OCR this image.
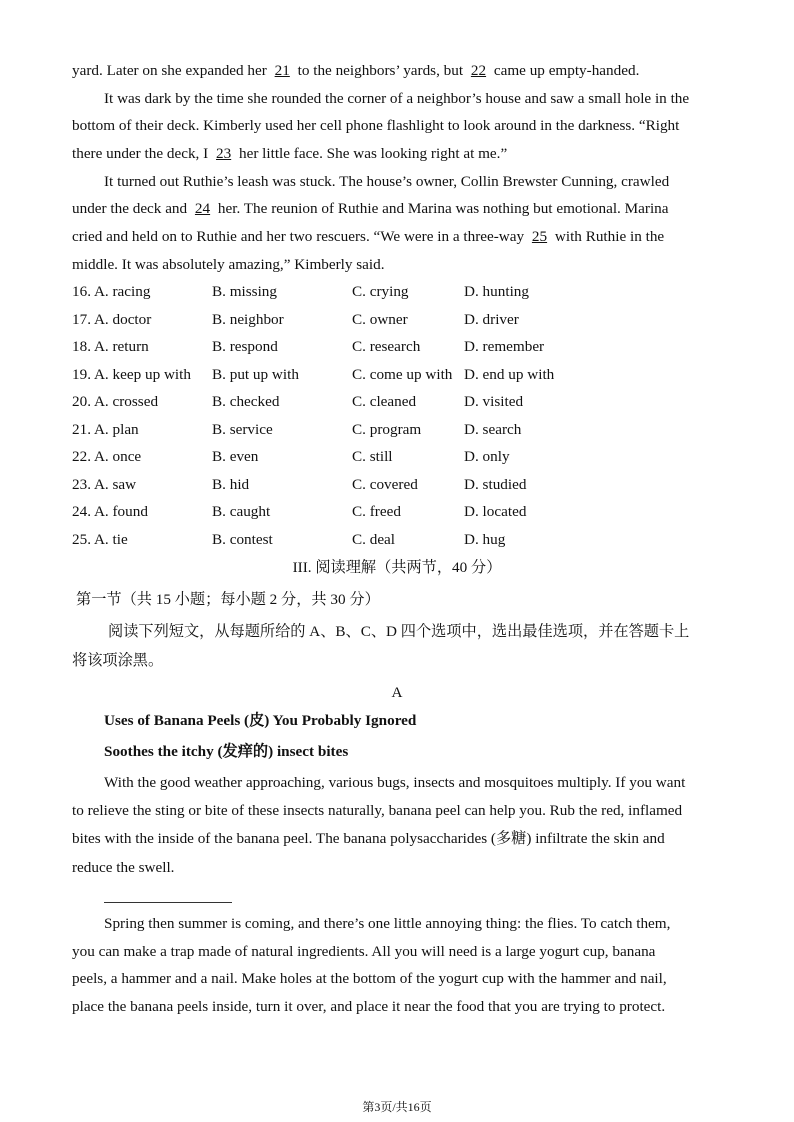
yard. Later on she expanded her 21 to the neighbors’ yards, but 22 came up empty-handed.
It was dark by the time she rounded the corner of a neighbor’s house and saw a small hole in the
bottom of their deck. Kimberly used her cell phone flashlight to look around in the darkness. “Right
there under the deck, I 23 her little face. She was looking right at me.”
It turned out Ruthie’s leash was stuck. The house’s owner, Collin Brewster Cunning, crawled
under the deck and 24 her. The reunion of Ruthie and Marina was nothing but emotional. Marina
cried and held on to Ruthie and her two rescuers. “We were in a three-way 25 with Ruthie in the
middle. It was absolutely amazing,” Kimberly said.
16. A. racing	B. missing	C. crying	D. hunting
17. A. doctor	B. neighbor	C. owner	D. driver
18. A. return	B. respond	C. research	D. remember
19. A. keep up with B. put up with	C. come up with D. end up with
20. A. crossed	B. checked	C. cleaned	D. visited
21. A. plan	B. service	C. program	D. search
22. A. once	B. even	C. still	D. only
23. A. saw	B. hid	C. covered	D. studied
24. A. found	B. caught	C. freed	D. located
25. A. tie	B. contest	C. deal	D. hug
III. 阅读理解（共两节，40 分）
第一节（共 15 小题；每小题 2 分，共 30 分）
阅读下列短文，从每题所给的 A、B、C、D 四个选项中，选出最佳选项，并在答题卡上
将该项涂黑。
A
Uses of Banana Peels (皮) You Probably Ignored
Soothes the itchy (发痒的) insect bites
With the good weather approaching, various bugs, insects and mosquitoes multiply. If you want
to relieve the sting or bite of these insects naturally, banana peel can help you. Rub the red, inflamed
bites with the inside of the banana peel. The banana polysaccharides (多糖) infiltrate the skin and
reduce the swell.
Spring then summer is coming, and there’s one little annoying thing: the flies. To catch them,
you can make a trap made of natural ingredients. All you will need is a large yogurt cup, banana
peels, a hammer and a nail. Make holes at the bottom of the yogurt cup with the hammer and nail,
place the banana peels inside, turn it over, and place it near the food that you are trying to protect.
第3页/共16页
